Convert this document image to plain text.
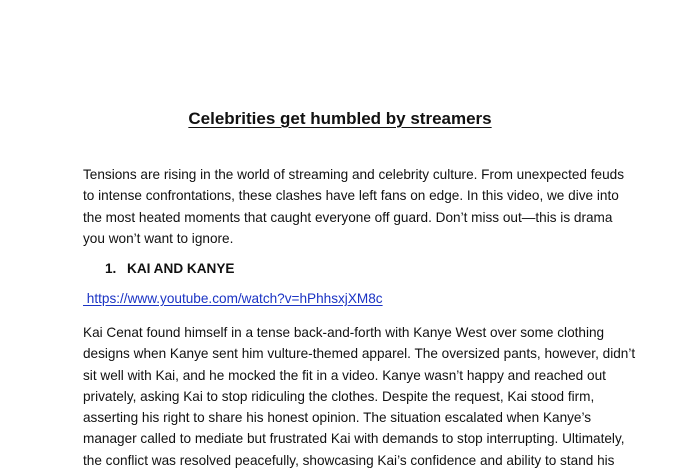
Celebrities get humbled by streamers

Tensions are rising in the world of streaming and celebrity culture. From unexpected feuds
to intense confrontations, these clashes have left fans on edge. In this video, we dive into
the most heated moments that caught everyone off guard. Don’t miss out—this is drama
you won’t want to ignore.

1. KAI AND KANYE
https://www.youtube.com/watch?v=hPhhsxjXM8c

Kai Cenat found himself in a tense back-and-forth with Kanye West over some clothing
designs when Kanye sent him vulture-themed apparel. The oversized pants, however, didn’t
sit well with Kai, and he mocked the fit in a video. Kanye wasn’t happy and reached out
privately, asking Kai to stop ridiculing the clothes. Despite the request, Kai stood firm,
asserting his right to share his honest opinion. The situation escalated when Kanye’s
manager called to mediate but frustrated Kai with demands to stop interrupting. Ultimately,
the conflict was resolved peacefully, showcasing Kai’s confidence and ability to stand his
